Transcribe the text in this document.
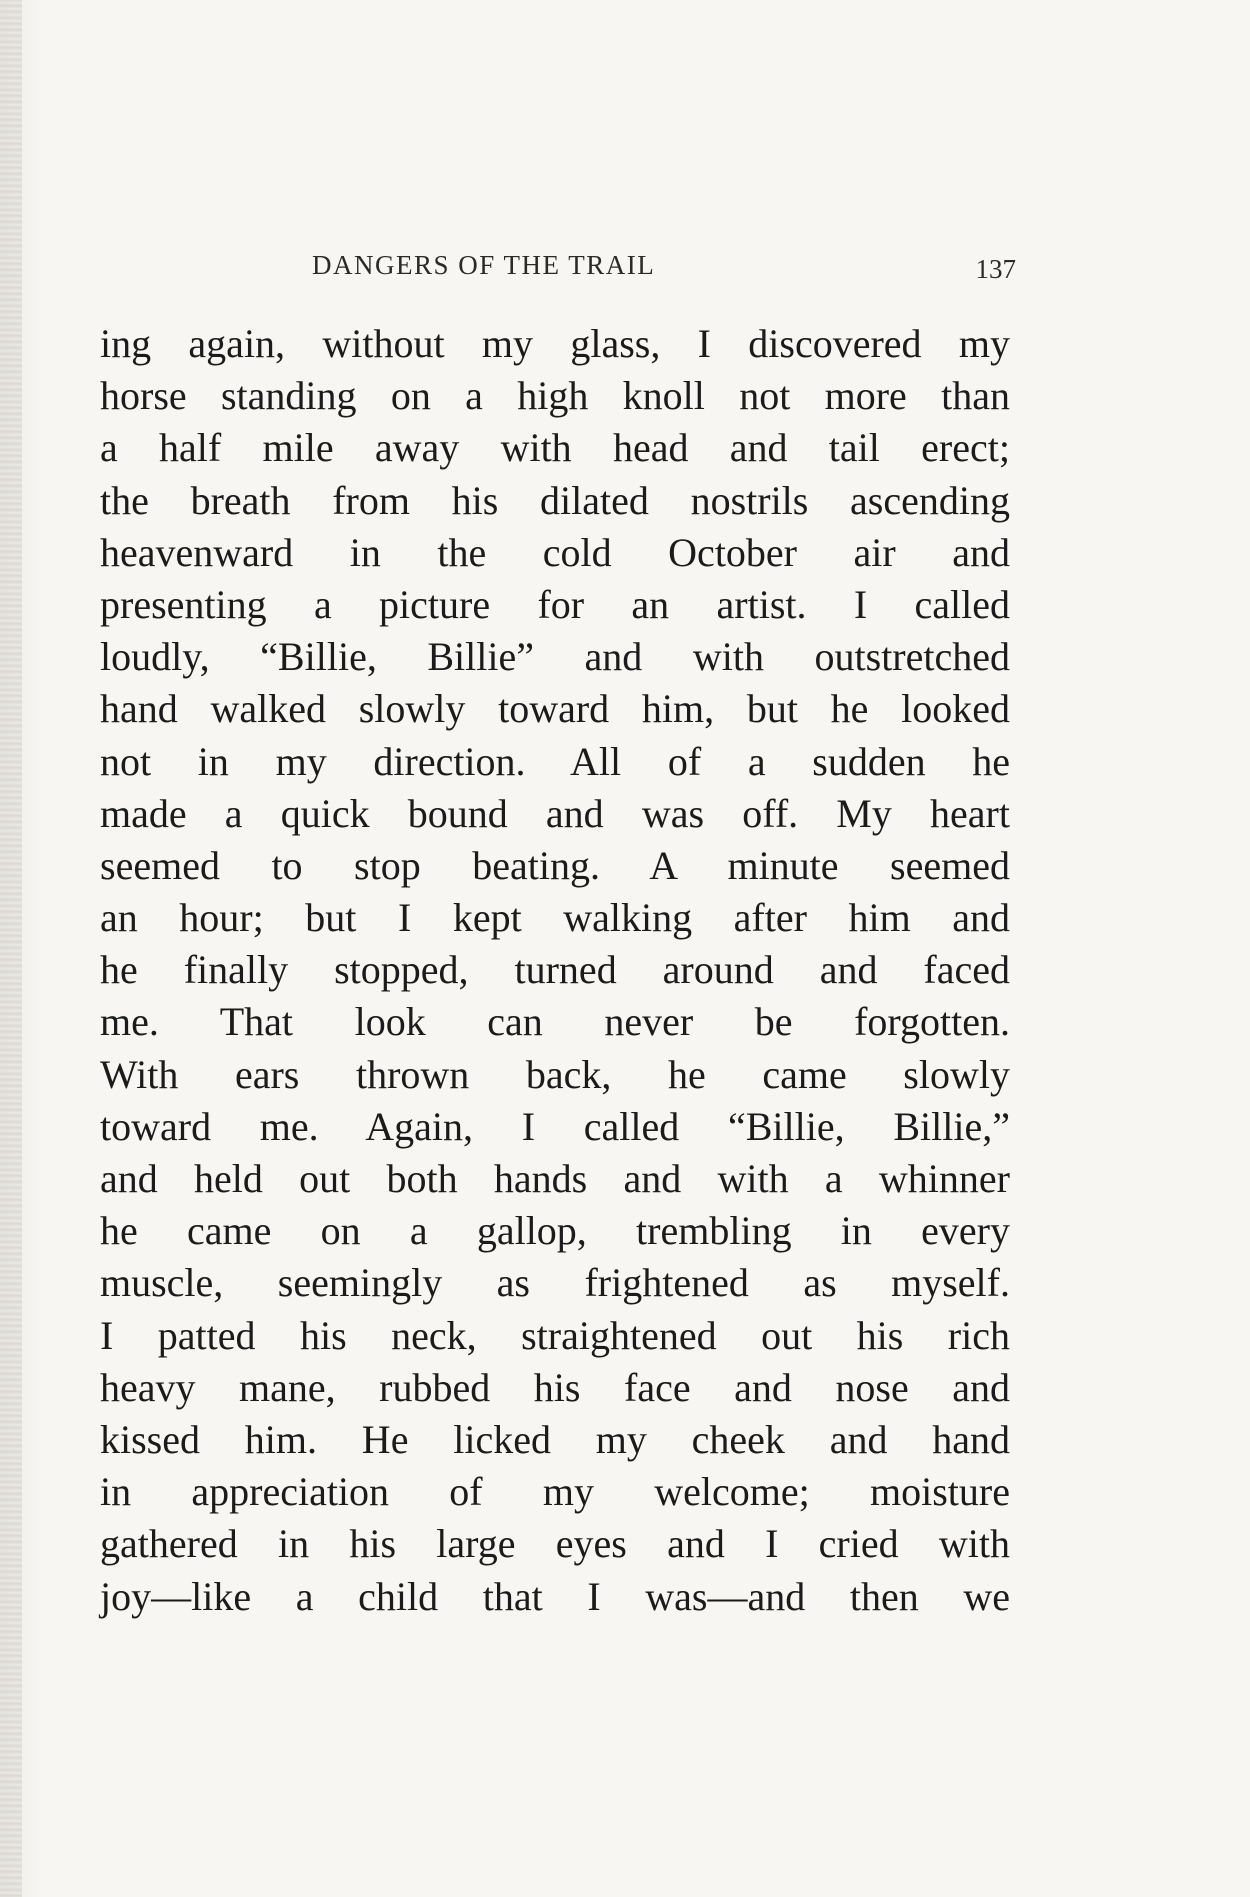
DANGERS OF THE TRAIL	137
ing again, without my glass, I discovered my
horse standing on a high knoll not more than
a half mile away with head and tail erect;
the breath from his dilated nostrils ascending
heavenward in the cold October air and
presenting a picture for an artist. I called
loudly, “Billie, Billie” and with outstretched
hand walked slowly toward him, but he looked
not in my direction. All of a sudden he
made a quick bound and was off. My heart
seemed to stop beating. A minute seemed
an hour; but I kept walking after him and
he finally stopped, turned around and faced
me. That look can never be forgotten.
With ears thrown back, he came slowly
toward me. Again, I called “Billie, Billie,”
and held out both hands and with a whinner
he came on a gallop, trembling in every
muscle, seemingly as frightened as myself.
I patted his neck, straightened out his rich
heavy mane, rubbed his face and nose and
kissed him. He licked my cheek and hand
in appreciation of my welcome; moisture
gathered in his large eyes and I cried with
joy—like a child that I was—and then we
